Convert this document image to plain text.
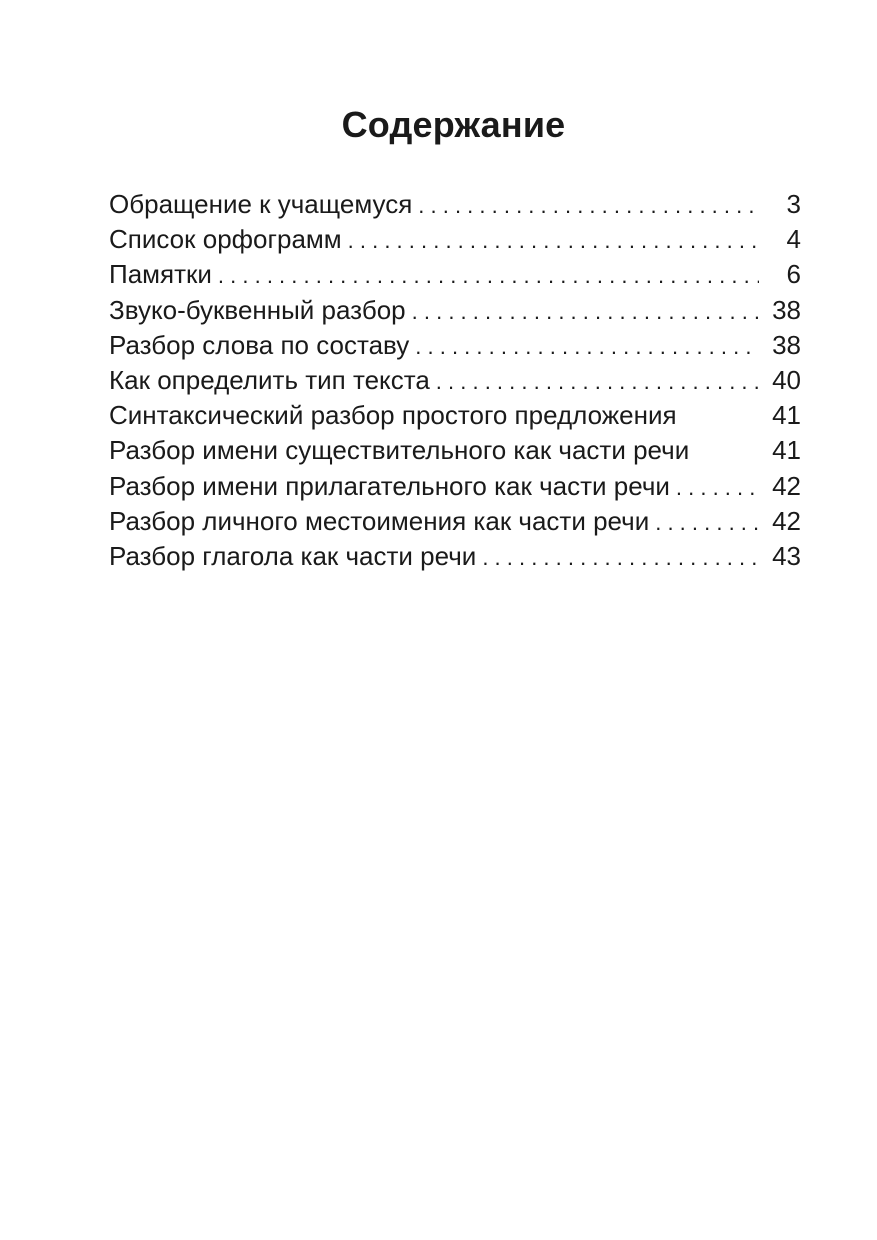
Содержание
Обращение к учащемуся . . .	3
Список орфограмм . . .	4
Памятки . . .	6
Звуко-буквенный разбор . . .	38
Разбор слова по составу . . .	38
Как определить тип текста . . .	40
Синтаксический разбор простого предложения	41
Разбор имени существительного как части речи	41
Разбор имени прилагательного как части речи . . .	42
Разбор личного местоимения как части речи . . .	42
Разбор глагола как части речи . . .	43
